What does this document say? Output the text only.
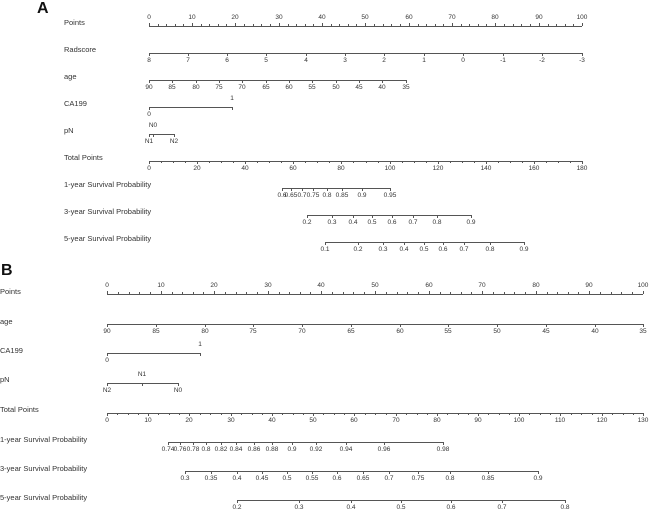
A
Points
0	10	20	30	40	50	60	70	80	90	100
Radscore
8	7	6	5	4	3	2	1	0	-1	-2	-3
age
90 85	80 75 70	65 60 55	50 45 40	35
CA199
0
1
pN
N1
N0
N2
Total Points
0	20	40	60	80	100	120	140	160	180
1-year Survival Probability
0.6
0.65 0.7 0.75 0.8 0.85 0.9	0.95
3-year Survival Probability
0.2 0.3 0.4 0.5 0.6 0.7 0.8	0.9
5-year Survival Probability
0.1	0.2 0.3 0.4 0.5 0.6 0.7	0.8	0.9
B
Points
0	10	20	30	40	50	60	70	80	90	100
age
90	85	80	75	70	65	60	55	50	45	40	35
CA199
0
1
pN
N2
N1
N0
Total Points
0	10	20	30	40	50	60	70	80	90	100	110	120	130
1-year Survival Probability
0.74 0.76 0.78 0.8 0.82 0.84 0.86 0.88 0.9 0.92	0.94	0.96	0.98
3-year Survival Probability
0.3 0.35 0.4 0.45 0.5 0.55 0.6 0.65 0.7	0.75	0.8	0.85	0.9
5-year Survival Probability
0.2	0.3	0.4	0.5	0.6	0.7	0.8
